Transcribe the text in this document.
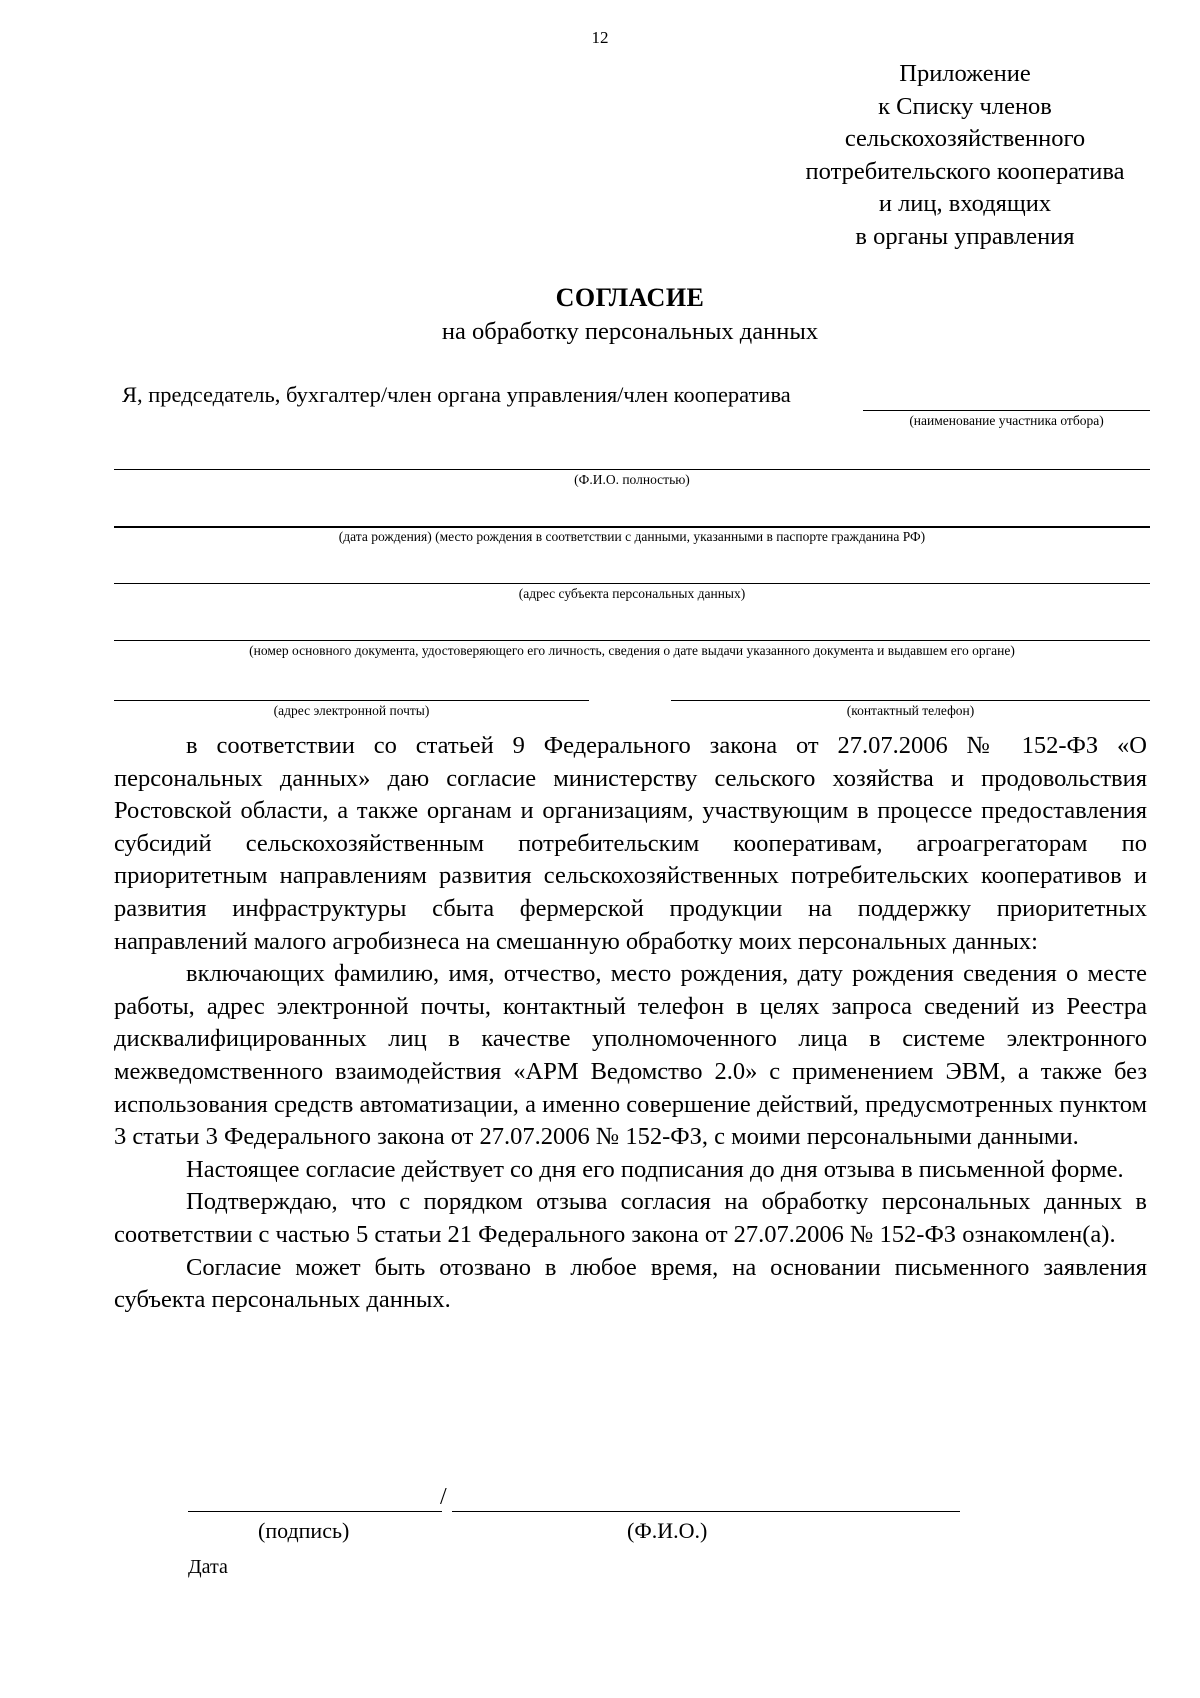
12
Приложение
к Списку членов
сельскохозяйственного
потребительского кооператива
и лиц, входящих
в органы управления
СОГЛАСИЕ
на обработку персональных данных
Я, председатель, бухгалтер/член органа управления/член кооператива
(наименование участника отбора)
(Ф.И.О. полностью)
(дата рождения) (место рождения в соответствии с данными, указанными в паспорте гражданина РФ)
(адрес субъекта персональных данных)
(номер основного документа, удостоверяющего его личность, сведения о дате выдачи указанного документа и выдавшем его органе)
(адрес электронной почты)	(контактный телефон)

в соответствии со статьей 9 Федерального закона от 27.07.2006 № 152-ФЗ «О персональных данных» даю согласие министерству сельского хозяйства и продовольствия Ростовской области, а также органам и организациям, участвующим в процессе предоставления субсидий сельскохозяйственным потребительским кооперативам, агроагрегаторам по приоритетным направлениям развития сельскохозяйственных потребительских кооперативов и развития инфраструктуры сбыта фермерской продукции на поддержку приоритетных направлений малого агробизнеса на смешанную обработку моих персональных данных:

включающих фамилию, имя, отчество, место рождения, дату рождения сведения о месте работы, адрес электронной почты, контактный телефон в целях запроса сведений из Реестра дисквалифицированных лиц в качестве уполномоченного лица в системе электронного межведомственного взаимодействия «АРМ Ведомство 2.0» с применением ЭВМ, а также без использования средств автоматизации, а именно совершение действий, предусмотренных пунктом 3 статьи 3 Федерального закона от 27.07.2006 № 152-ФЗ, с моими персональными данными.

Настоящее согласие действует со дня его подписания до дня отзыва в письменной форме.

Подтверждаю, что с порядком отзыва согласия на обработку персональных данных в соответствии с частью 5 статьи 21 Федерального закона от 27.07.2006 № 152-ФЗ ознакомлен(а).

Согласие может быть отозвано в любое время, на основании письменного заявления субъекта персональных данных.

/
(подпись)	(Ф.И.О.)
Дата
